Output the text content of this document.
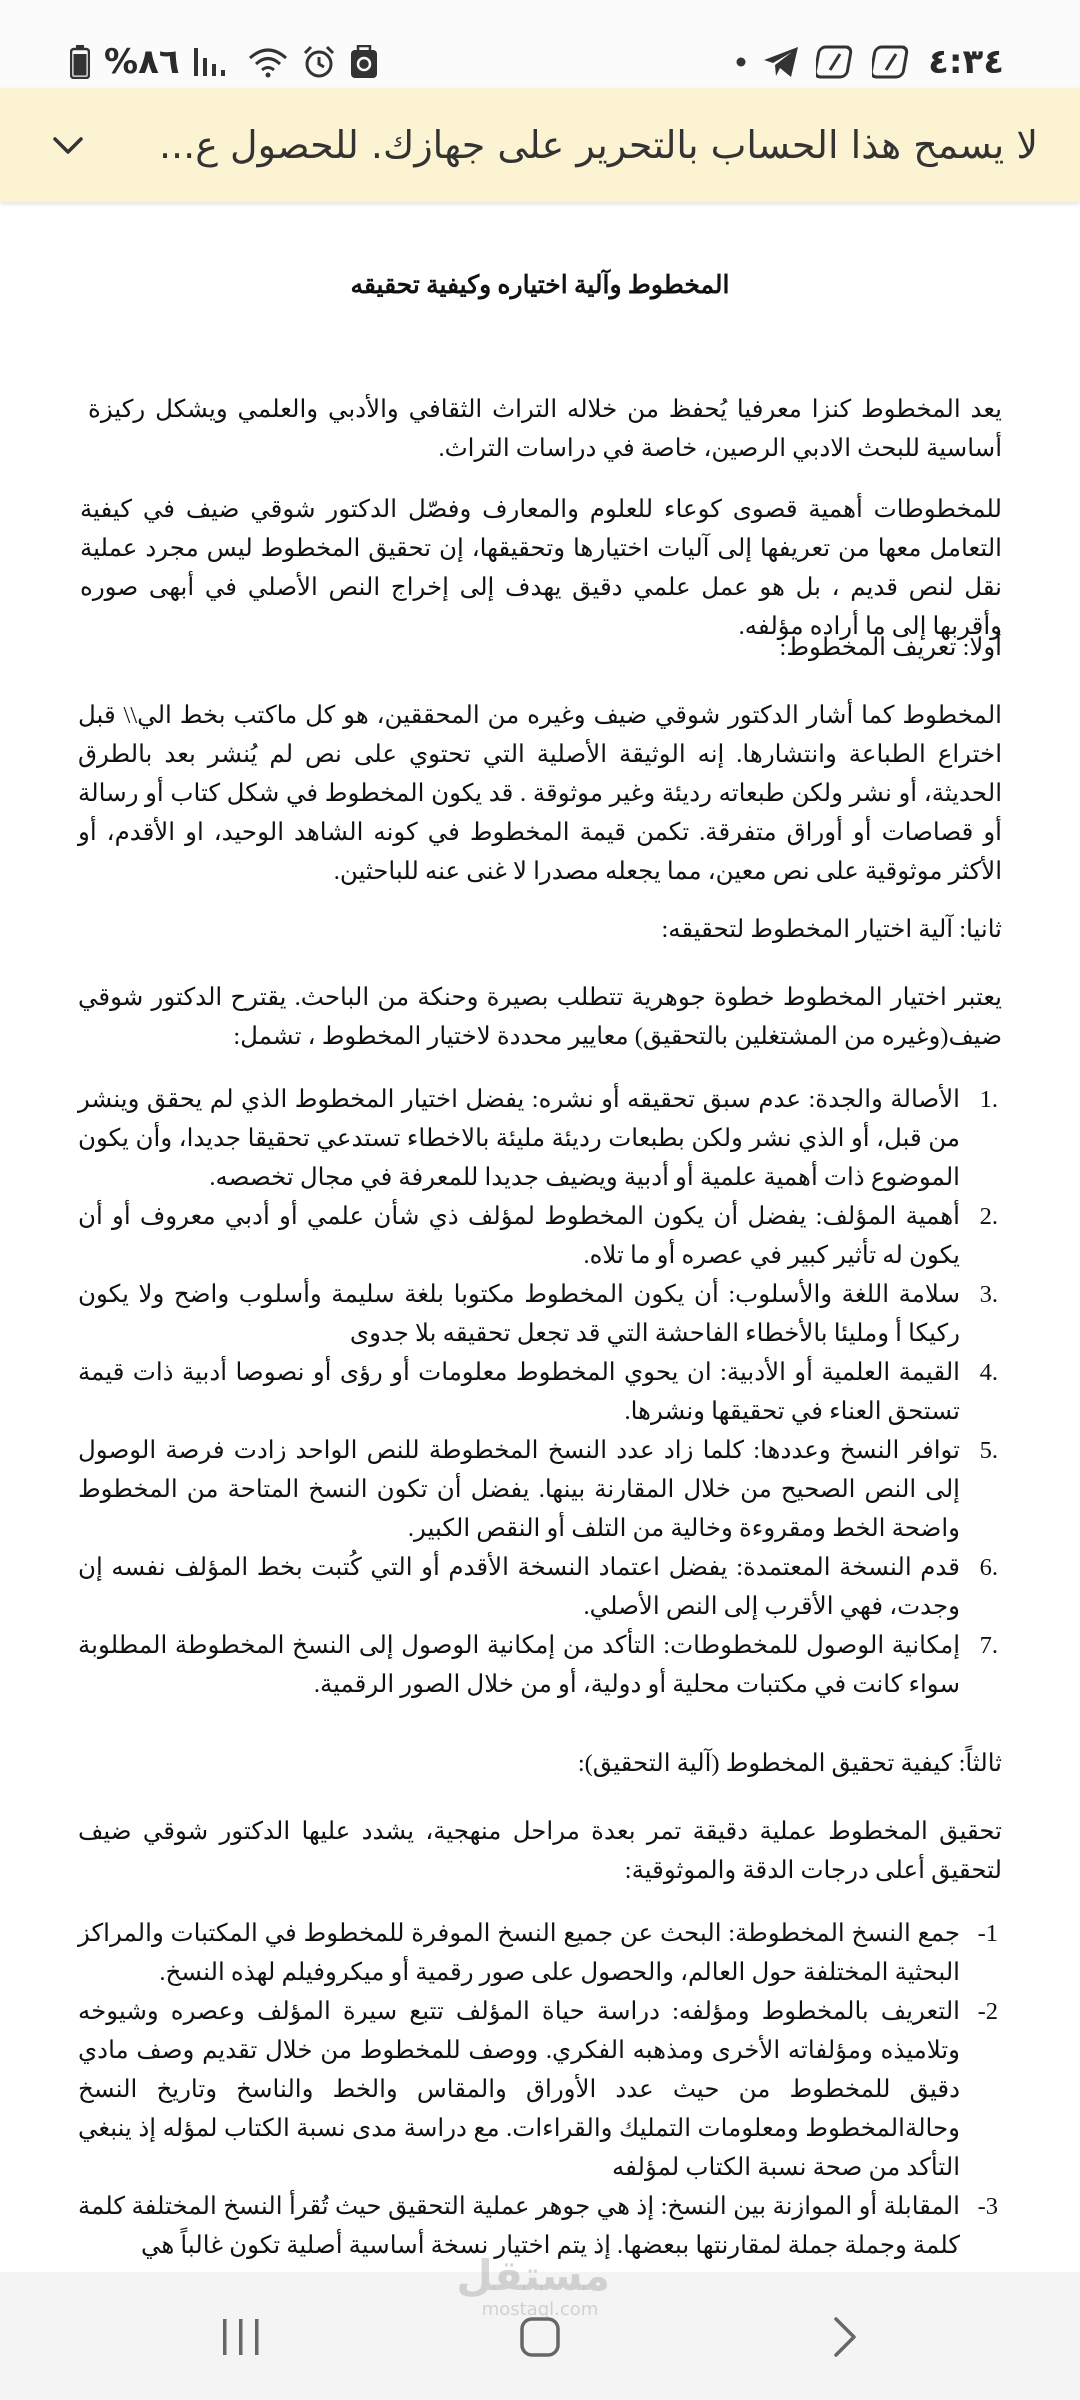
%٨٦	٤:٣٤
لا يسمح هذا الحساب بالتحرير على جهازك. للحصول ع...
المخطوط وآلية اختياره وكيفية تحقيقه
يعد المخطوط كنزا معرفيا يُحفظ من خلاله التراث الثقافي والأدبي والعلمي ويشكل ركيزة أساسية للبحث الادبي الرصين، خاصة في دراسات التراث.
للمخطوطات أهمية قصوى كوعاء للعلوم والمعارف وفصّل الدكتور شوقي ضيف في كيفية التعامل معها من تعريفها إلى آليات اختيارها وتحقيقها، إن تحقيق المخطوط ليس مجرد عملية نقل لنص قديم ، بل هو عمل علمي دقيق يهدف إلى إخراج النص الأصلي في أبهى صوره وأقربها إلى ما أراده مؤلفه.
أولا: تعريف المخطوط:
المخطوط كما أشار الدكتور شوقي ضيف وغيره من المحققين، هو كل ماكتب بخط الي\\ قبل اختراع الطباعة وانتشارها. إنه الوثيقة الأصلية التي تحتوي على نص لم يُنشر بعد بالطرق الحديثة، أو نشر ولكن طبعاته رديئة وغير موثوقة . قد يكون المخطوط في شكل كتاب أو رسالة أو قصاصات أو أوراق متفرقة. تكمن قيمة المخطوط في كونه الشاهد الوحيد، او الأقدم، أو الأكثر موثوقية على نص معين، مما يجعله مصدرا لا غنى عنه للباحثين.
ثانيا: آلية اختيار المخطوط لتحقيقه:
يعتبر اختيار المخطوط خطوة جوهرية تتطلب بصيرة وحنكة من الباحث. يقترح الدكتور شوقي ضيف(وغيره من المشتغلين بالتحقيق) معايير محددة لاختيار المخطوط ، تشمل:
.1
الأصالة والجدة: عدم سبق تحقيقه أو نشره: يفضل اختيار المخطوط الذي لم يحقق وينشر من قبل، أو الذي نشر ولكن بطبعات رديئة مليئة بالاخطاء تستدعي تحقيقا جديدا، وأن يكون الموضوع ذات أهمية علمية أو أدبية ويضيف جديدا للمعرفة في مجال تخصصه.
.2
أهمية المؤلف: يفضل أن يكون المخطوط لمؤلف ذي شأن علمي أو أدبي معروف أو أن يكون له تأثير كبير في عصره أو ما تلاه.
.3
سلامة اللغة والأسلوب: أن يكون المخطوط مكتوبا بلغة سليمة وأسلوب واضح ولا يكون ركيكا أ ومليئا بالأخطاء الفاحشة التي قد تجعل تحقيقه بلا جدوى
.4
القيمة العلمية أو الأدبية: ان يحوي المخطوط معلومات أو رؤى أو نصوصا أدبية ذات قيمة تستحق العناء في تحقيقها ونشرها.
.5
توافر النسخ وعددها: كلما زاد عدد النسخ المخطوطة للنص الواحد زادت فرصة الوصول إلى النص الصحيح من خلال المقارنة بينها. يفضل أن تكون النسخ المتاحة من المخطوط واضحة الخط ومقروءة وخالية من التلف أو النقص الكبير.
.6
قدم النسخة المعتمدة: يفضل اعتماد النسخة الأقدم أو التي كُتبت بخط المؤلف نفسه إن وجدت، فهي الأقرب إلى النص الأصلي.
.7
إمكانية الوصول للمخطوطات: التأكد من إمكانية الوصول إلى النسخ المخطوطة المطلوبة سواء كانت في مكتبات محلية أو دولية، أو من خلال الصور الرقمية.
ثالثاً: كيفية تحقيق المخطوط (آلية التحقيق):
تحقيق المخطوط عملية دقيقة تمر بعدة مراحل منهجية، يشدد عليها الدكتور شوقي ضيف لتحقيق أعلى درجات الدقة والموثوقية:
1-
جمع النسخ المخطوطة: البحث عن جميع النسخ الموفرة للمخطوط في المكتبات والمراكز البحثية المختلفة حول العالم، والحصول على صور رقمية أو ميكروفيلم لهذه النسخ.
2-
التعريف بالمخطوط ومؤلفه: دراسة حياة المؤلف تتبع سيرة المؤلف وعصره وشيوخه وتلاميذه ومؤلفاته الأخرى ومذهبه الفكري. ووصف للمخطوط من خلال تقديم وصف مادي دقيق للمخطوط من حيث عدد الأوراق والمقاس والخط والناسخ وتاريخ النسخ وحالةالمخطوط ومعلومات التمليك والقراءات. مع دراسة مدى نسبة الكتاب لمؤله إذ ينبغي التأكد من صحة نسبة الكتاب لمؤلفه
3-
المقابلة أو الموازنة بين النسخ: إذ هي جوهر عملية التحقيق حيث تُقرأ النسخ المختلفة كلمة كلمة وجملة جملة لمقارنتها ببعضها. إذ يتم اختيار نسخة أساسية أصلية تكون غالباً هي
مستقل
mostaql.com
